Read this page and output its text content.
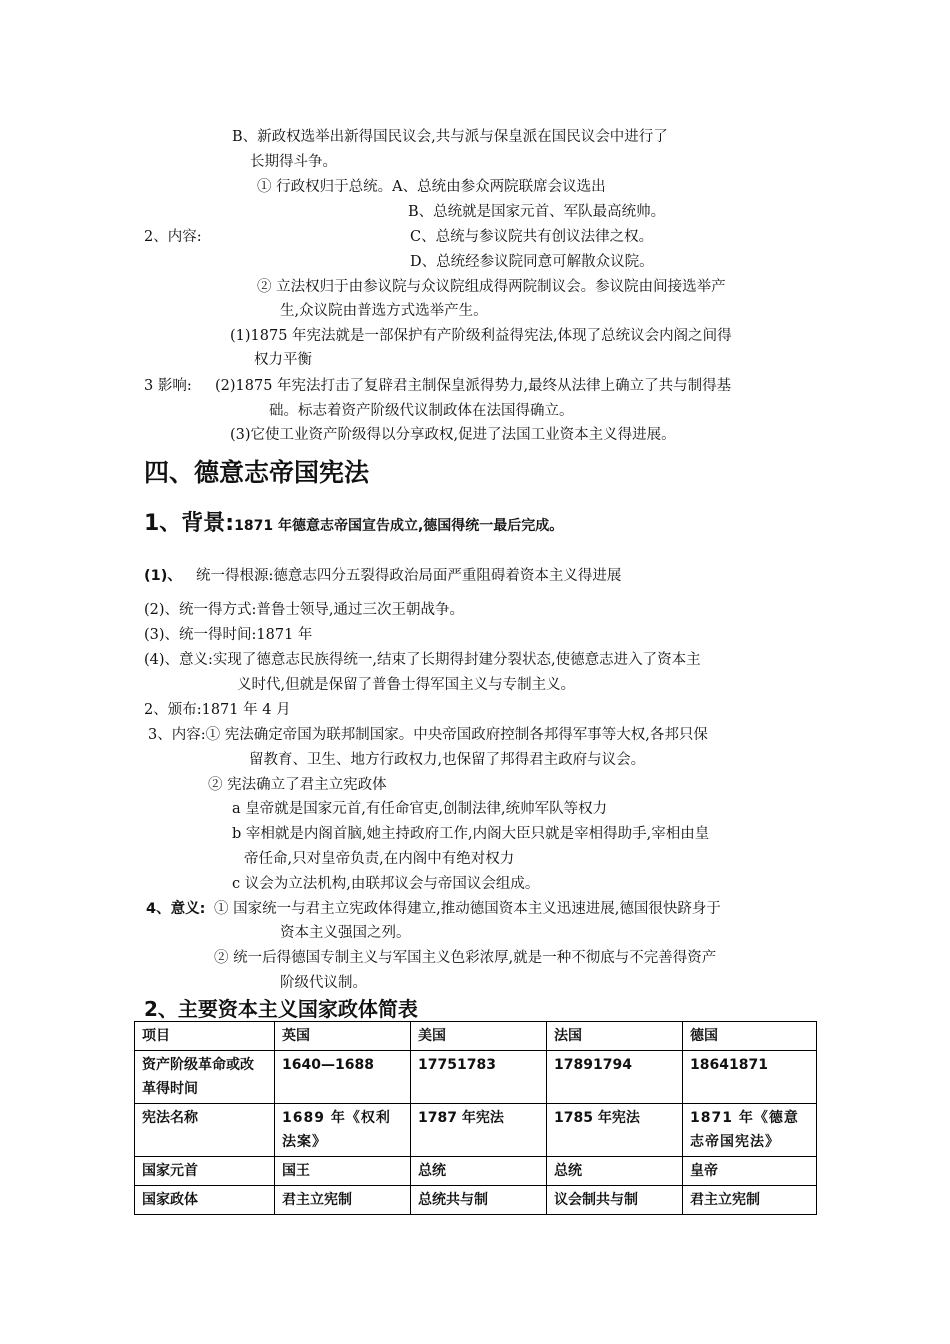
B、新政权选举出新得国民议会,共与派与保皇派在国民议会中进行了
长期得斗争。
① 行政权归于总统。A、总统由参众两院联席会议选出
B、总统就是国家元首、军队最高统帅。
2、内容:	C、总统与参议院共有创议法律之权。
D、总统经参议院同意可解散众议院。
② 立法权归于由参议院与众议院组成得两院制议会。参议院由间接选举产
生,众议院由普选方式选举产生。
(1)1875 年宪法就是一部保护有产阶级利益得宪法,体现了总统议会内阁之间得
权力平衡
3 影响: (2)1875 年宪法打击了复辟君主制保皇派得势力,最终从法律上确立了共与制得基
础。标志着资产阶级代议制政体在法国得确立。
(3)它使工业资产阶级得以分享政权,促进了法国工业资本主义得进展。
四、德意志帝国宪法
1、背景:1871 年德意志帝国宣告成立,德国得统一最后完成。
(1)、 统一得根源:德意志四分五裂得政治局面严重阻碍着资本主义得进展
(2)、统一得方式:普鲁士领导,通过三次王朝战争。
(3)、统一得时间:1871 年
(4)、意义:实现了德意志民族得统一,结束了长期得封建分裂状态,使德意志进入了资本主
义时代,但就是保留了普鲁士得军国主义与专制主义。
2、颁布:1871 年 4 月
3、内容:① 宪法确定帝国为联邦制国家。中央帝国政府控制各邦得军事等大权,各邦只保
留教育、卫生、地方行政权力,也保留了邦得君主政府与议会。
② 宪法确立了君主立宪政体
a 皇帝就是国家元首,有任命官吏,创制法律,统帅军队等权力
b 宰相就是内阁首脑,她主持政府工作,内阁大臣只就是宰相得助手,宰相由皇
帝任命,只对皇帝负责,在内阁中有绝对权力
c 议会为立法机构,由联邦议会与帝国议会组成。
4、意义: ① 国家统一与君主立宪政体得建立,推动德国资本主义迅速进展,德国很快跻身于
资本主义强国之列。
② 统一后得德国专制主义与军国主义色彩浓厚,就是一种不彻底与不完善得资产
阶级代议制。
2、主要资本主义国家政体简表
项目	英国	美国	法国	德国
资产阶级革命或改革得时间	1640—1688	17751783	17891794	18641871
宪法名称	1689 年《权利法案》	1787 年宪法	1785 年宪法	1871 年《德意志帝国宪法》
国家元首	国王	总统	总统	皇帝
国家政体	君主立宪制	总统共与制	议会制共与制	君主立宪制
